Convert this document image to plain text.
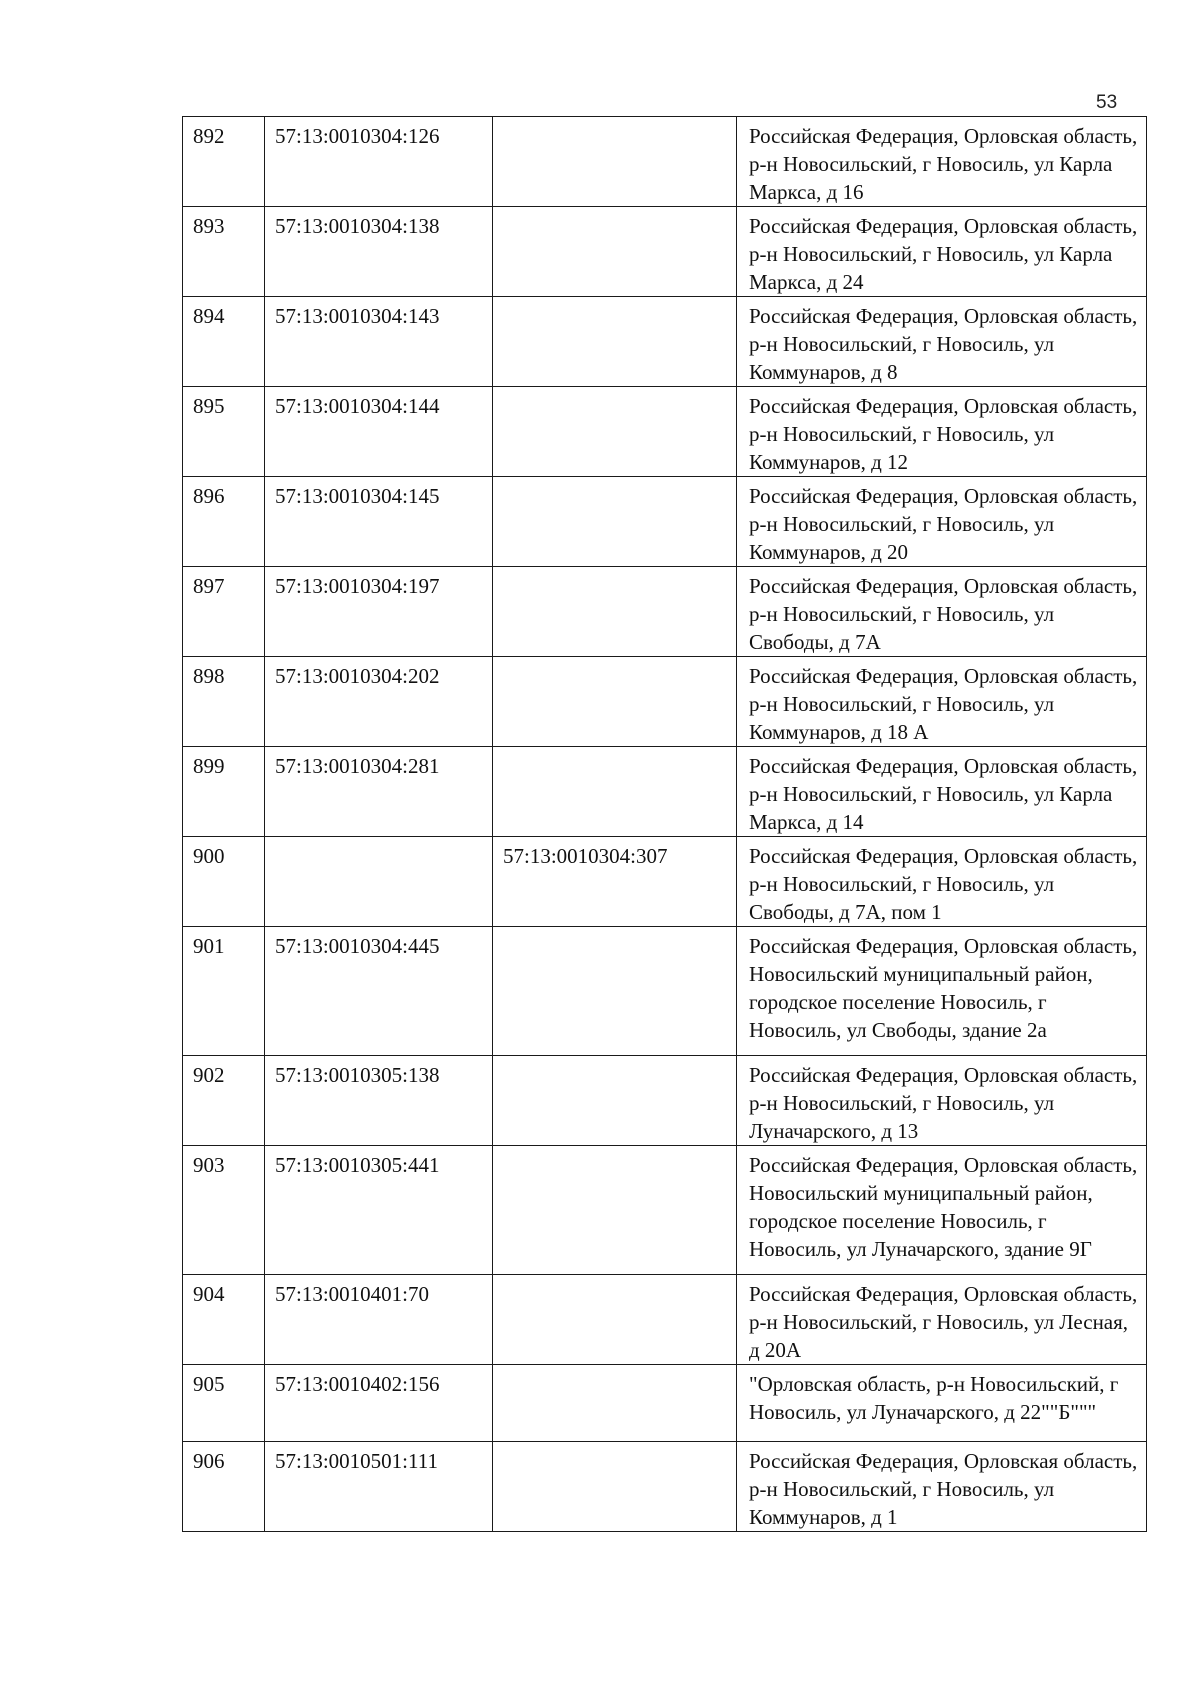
53
892	57:13:0010304:126		Российская Федерация, Орловская область, р-н Новосильский, г Новосиль, ул Карла Маркса, д 16
893	57:13:0010304:138		Российская Федерация, Орловская область, р-н Новосильский, г Новосиль, ул Карла Маркса, д 24
894	57:13:0010304:143		Российская Федерация, Орловская область, р-н Новосильский, г Новосиль, ул Коммунаров, д 8
895	57:13:0010304:144		Российская Федерация, Орловская область, р-н Новосильский, г Новосиль, ул Коммунаров, д 12
896	57:13:0010304:145		Российская Федерация, Орловская область, р-н Новосильский, г Новосиль, ул Коммунаров, д 20
897	57:13:0010304:197		Российская Федерация, Орловская область, р-н Новосильский, г Новосиль, ул Свободы, д 7А
898	57:13:0010304:202		Российская Федерация, Орловская область, р-н Новосильский, г Новосиль, ул Коммунаров, д 18 А
899	57:13:0010304:281		Российская Федерация, Орловская область, р-н Новосильский, г Новосиль, ул Карла Маркса, д 14
900		57:13:0010304:307	Российская Федерация, Орловская область, р-н Новосильский, г Новосиль, ул Свободы, д 7А, пом 1
901	57:13:0010304:445		Российская Федерация, Орловская область, Новосильский муниципальный район, городское поселение Новосиль, г Новосиль, ул Свободы, здание 2а
902	57:13:0010305:138		Российская Федерация, Орловская область, р-н Новосильский, г Новосиль, ул Луначарского, д 13
903	57:13:0010305:441		Российская Федерация, Орловская область, Новосильский муниципальный район, городское поселение Новосиль, г Новосиль, ул Луначарского, здание 9Г
904	57:13:0010401:70		Российская Федерация, Орловская область, р-н Новосильский, г Новосиль, ул Лесная, д 20А
905	57:13:0010402:156		"Орловская область, р-н Новосильский, г Новосиль, ул Луначарского, д 22""Б"""
906	57:13:0010501:111		Российская Федерация, Орловская область, р-н Новосильский, г Новосиль, ул Коммунаров, д 1
